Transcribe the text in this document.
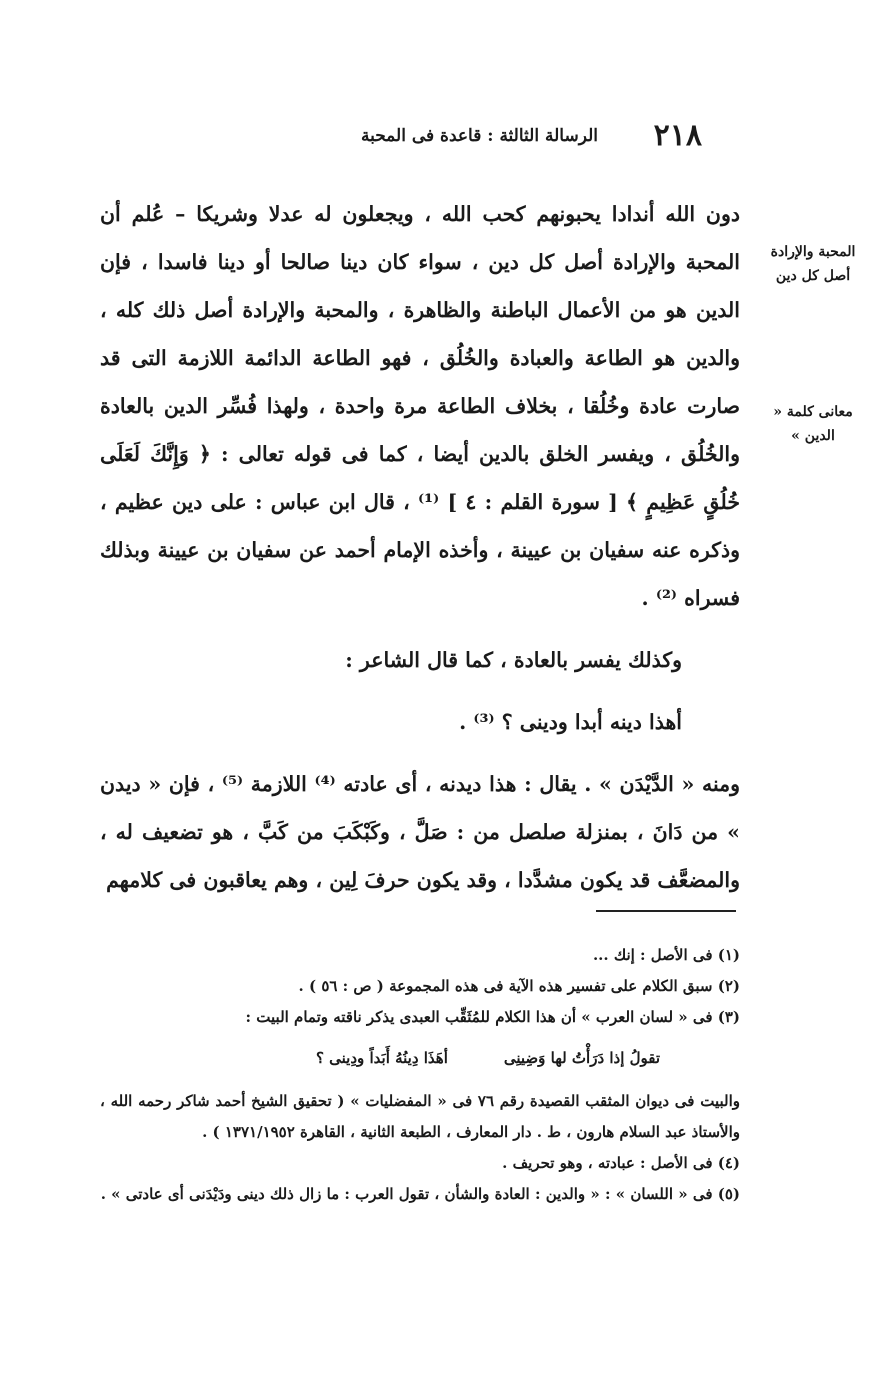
٢١٨
الرسالة الثالثة : قاعدة فى المحبة
المحبة والإرادة أصل كل دين
معانى كلمة « الدين »

دون الله أندادا يحبونهم كحب الله ، ويجعلون له عدلا وشريكا – عُلم أن المحبة والإرادة أصل كل دين ، سواء كان دينا صالحا أو دينا فاسدا ، فإن الدين هو من الأعمال الباطنة والظاهرة ، والمحبة والإرادة أصل ذلك كله ، والدين هو الطاعة والعبادة والخُلُق ، فهو الطاعة الدائمة اللازمة التى قد صارت عادة وخُلُقا ، بخلاف الطاعة مرة واحدة ، ولهذا فُسِّر الدين بالعادة والخُلُق ، ويفسر الخلق بالدين أيضا ، كما فى قوله تعالى : ﴿ وَإِنَّكَ لَعَلَى خُلُقٍ عَظِيمٍ ﴾ [ سورة القلم : ٤ ] ⁽¹⁾ ، قال ابن عباس : على دين عظيم ، وذكره عنه سفيان بن عيينة ، وأخذه الإمام أحمد عن سفيان بن عيينة وبذلك فسراه ⁽²⁾ .

وكذلك يفسر بالعادة ، كما قال الشاعر :

أهذا دينه أبدا ودينى ؟ ⁽³⁾ .

ومنه « الدَّيْدَن » . يقال : هذا ديدنه ، أى عادته ⁽⁴⁾ اللازمة ⁽⁵⁾ ، فإن « ديدن » من دَانَ ، بمنزلة صلصل من : صَلَّ ، وكَبْكَبَ من كَبَّ ، هو تضعيف له ، والمضعَّف قد يكون مشدَّدا ، وقد يكون حرفَ لِين ، وهم يعاقبون فى كلامهم

(١) فى الأصل : إنك ...

(٢) سبق الكلام على تفسير هذه الآية فى هذه المجموعة ( ص : ٥٦ ) .

(٣) فى « لسان العرب » أن هذا الكلام للمُثَقِّب العبدى يذكر ناقته وتمام البيت :

تقولُ إذا دَرَأْتُ لها وَضِينِى
أهَذَا دِينُهُ أَبَداً ودِينى ؟

والبيت فى ديوان المثقب القصيدة رقم ٧٦ فى « المفضليات » ( تحقيق الشيخ أحمد شاكر رحمه الله ، والأستاذ عبد السلام هارون ، ط . دار المعارف ، الطبعة الثانية ، القاهرة ١٣٧١/١٩٥٢ ) .

(٤) فى الأصل : عبادته ، وهو تحريف .

(٥) فى « اللسان » : « والدين : العادة والشأن ، تقول العرب : ما زال ذلك دينى ودَيْدَنى أى عادتى » .
